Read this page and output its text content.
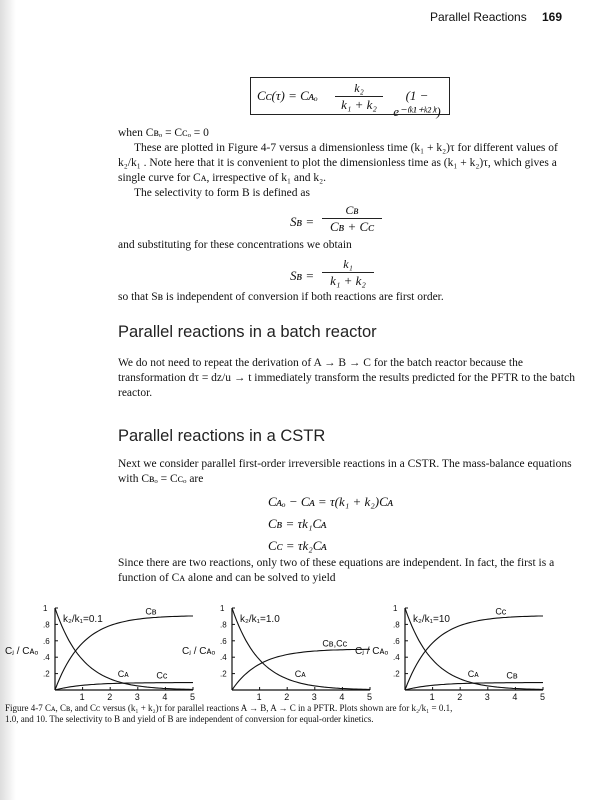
Parallel Reactions 169
Cᴄ(τ) = Cᴀₒ $\frac{\text{k₂}}{\text{k₁ + k₂}}$	(1 − e⁻⁽ᵏ¹⁺ᵏ²⁾ᵗ)
when Cʙₒ = Cᴄₒ = 0
These are plotted in Figure 4-7 versus a dimensionless time (k₁ + k₂)τ for different values of k₂/k₁ . Note here that it is convenient to plot the dimensionless time as (k₁ + k₂)τ, which gives a single curve for Cᴀ, irrespective of k₁ and k₂.
The selectivity to form B is defined as
Sʙ = $\frac{\text{Cʙ}}{\text{Cʙ + Cᴄ}}$
and substituting for these concentrations we obtain
Sʙ = $\frac{\text{k₁}}{\text{k₁ + k₂}}$
so that Sʙ is independent of conversion if both reactions are first order.
Parallel reactions in a batch reactor
We do not need to repeat the derivation of A → B → C for the batch reactor because the transformation dτ = dz/u → t immediately transform the results predicted for the PFTR to the batch reactor.
Parallel reactions in a CSTR
Next we consider parallel first-order irreversible reactions in a CSTR. The mass-balance equations with Cʙₒ = Cᴄₒ are
Cᴀₒ − Cᴀ = τ(k₁ + k₂)Cᴀ
Cʙ = τk₁Cᴀ
Cᴄ = τk₂Cᴀ
Since there are two reactions, only two of these equations are independent. In fact, the first is a function of Cᴀ alone and can be solved to yield
1	2	3	4	5
.2
.4
.6
.8
1
k₂/k₁=0.1
Cⱼ / Cᴀₒ
Cᴀ
Cʙ
Cᴄ
1	2	3	4	5
.2
.4
.6
.8
1
k₂/k₁=1.0
Cⱼ / Cᴀₒ
Cᴀ
Cʙ,Cᴄ
1	2	3	4	5
.2
.4
.6
.8
1
k₂/k₁=10
Cⱼ / Cᴀₒ
Cᴀ
Cᴄ
Cʙ
Figure 4-7 Cᴀ, Cʙ, and Cᴄ versus (k₁ + k₂)τ for parallel reactions A → B, A → C in a PFTR. Plots shown are for k₂/k₁ = 0.1,
1.0, and 10. The selectivity to B and yield of B are independent of conversion for equal-order kinetics.
